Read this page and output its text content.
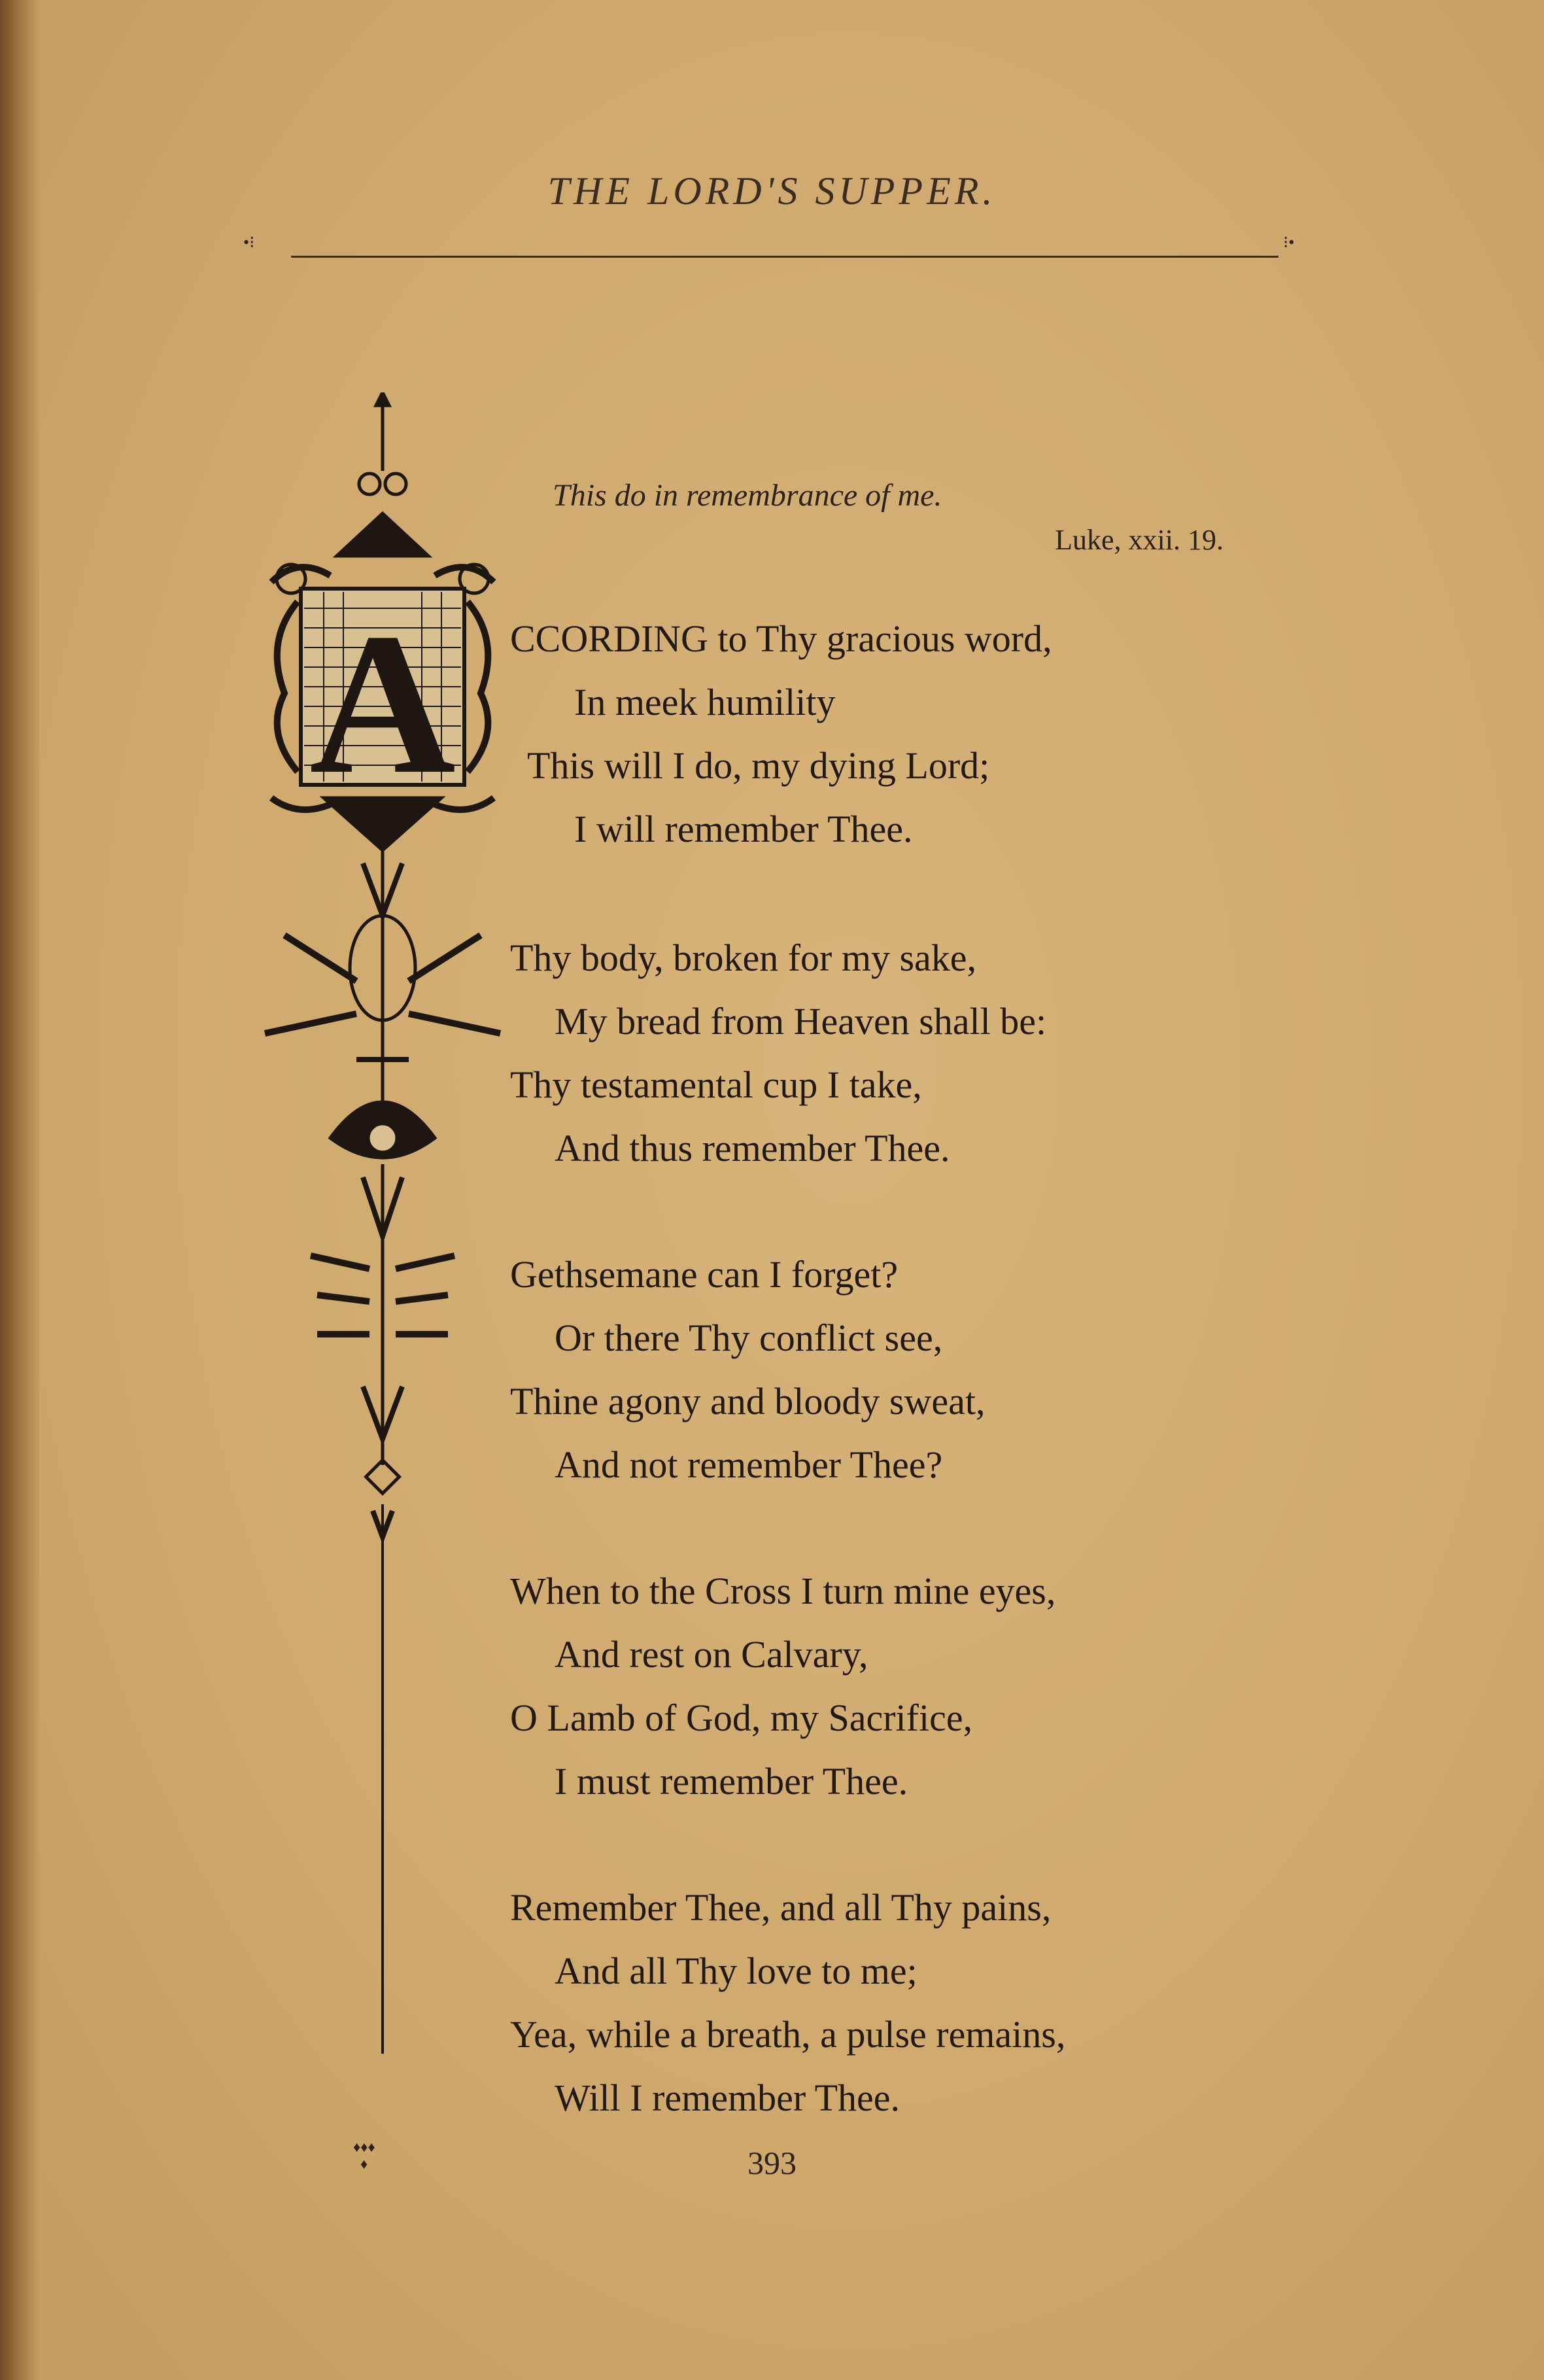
THE LORD'S SUPPER.
•⁝	⁝•
This do in remembrance of me.
Luke, xxii. 19.
A CCORDING to Thy gracious word,
In meek humility
This will I do, my dying Lord;
I will remember Thee.
Thy body, broken for my sake,
My bread from Heaven shall be:
Thy testamental cup I take,
And thus remember Thee.
Gethsemane can I forget?
Or there Thy conflict see,
Thine agony and bloody sweat,
And not remember Thee?
When to the Cross I turn mine eyes,
And rest on Calvary,
O Lamb of God, my Sacrifice,
I must remember Thee.
Remember Thee, and all Thy pains,
And all Thy love to me;
Yea, while a breath, a pulse remains,
Will I remember Thee.
♦♦♦
♦	393
